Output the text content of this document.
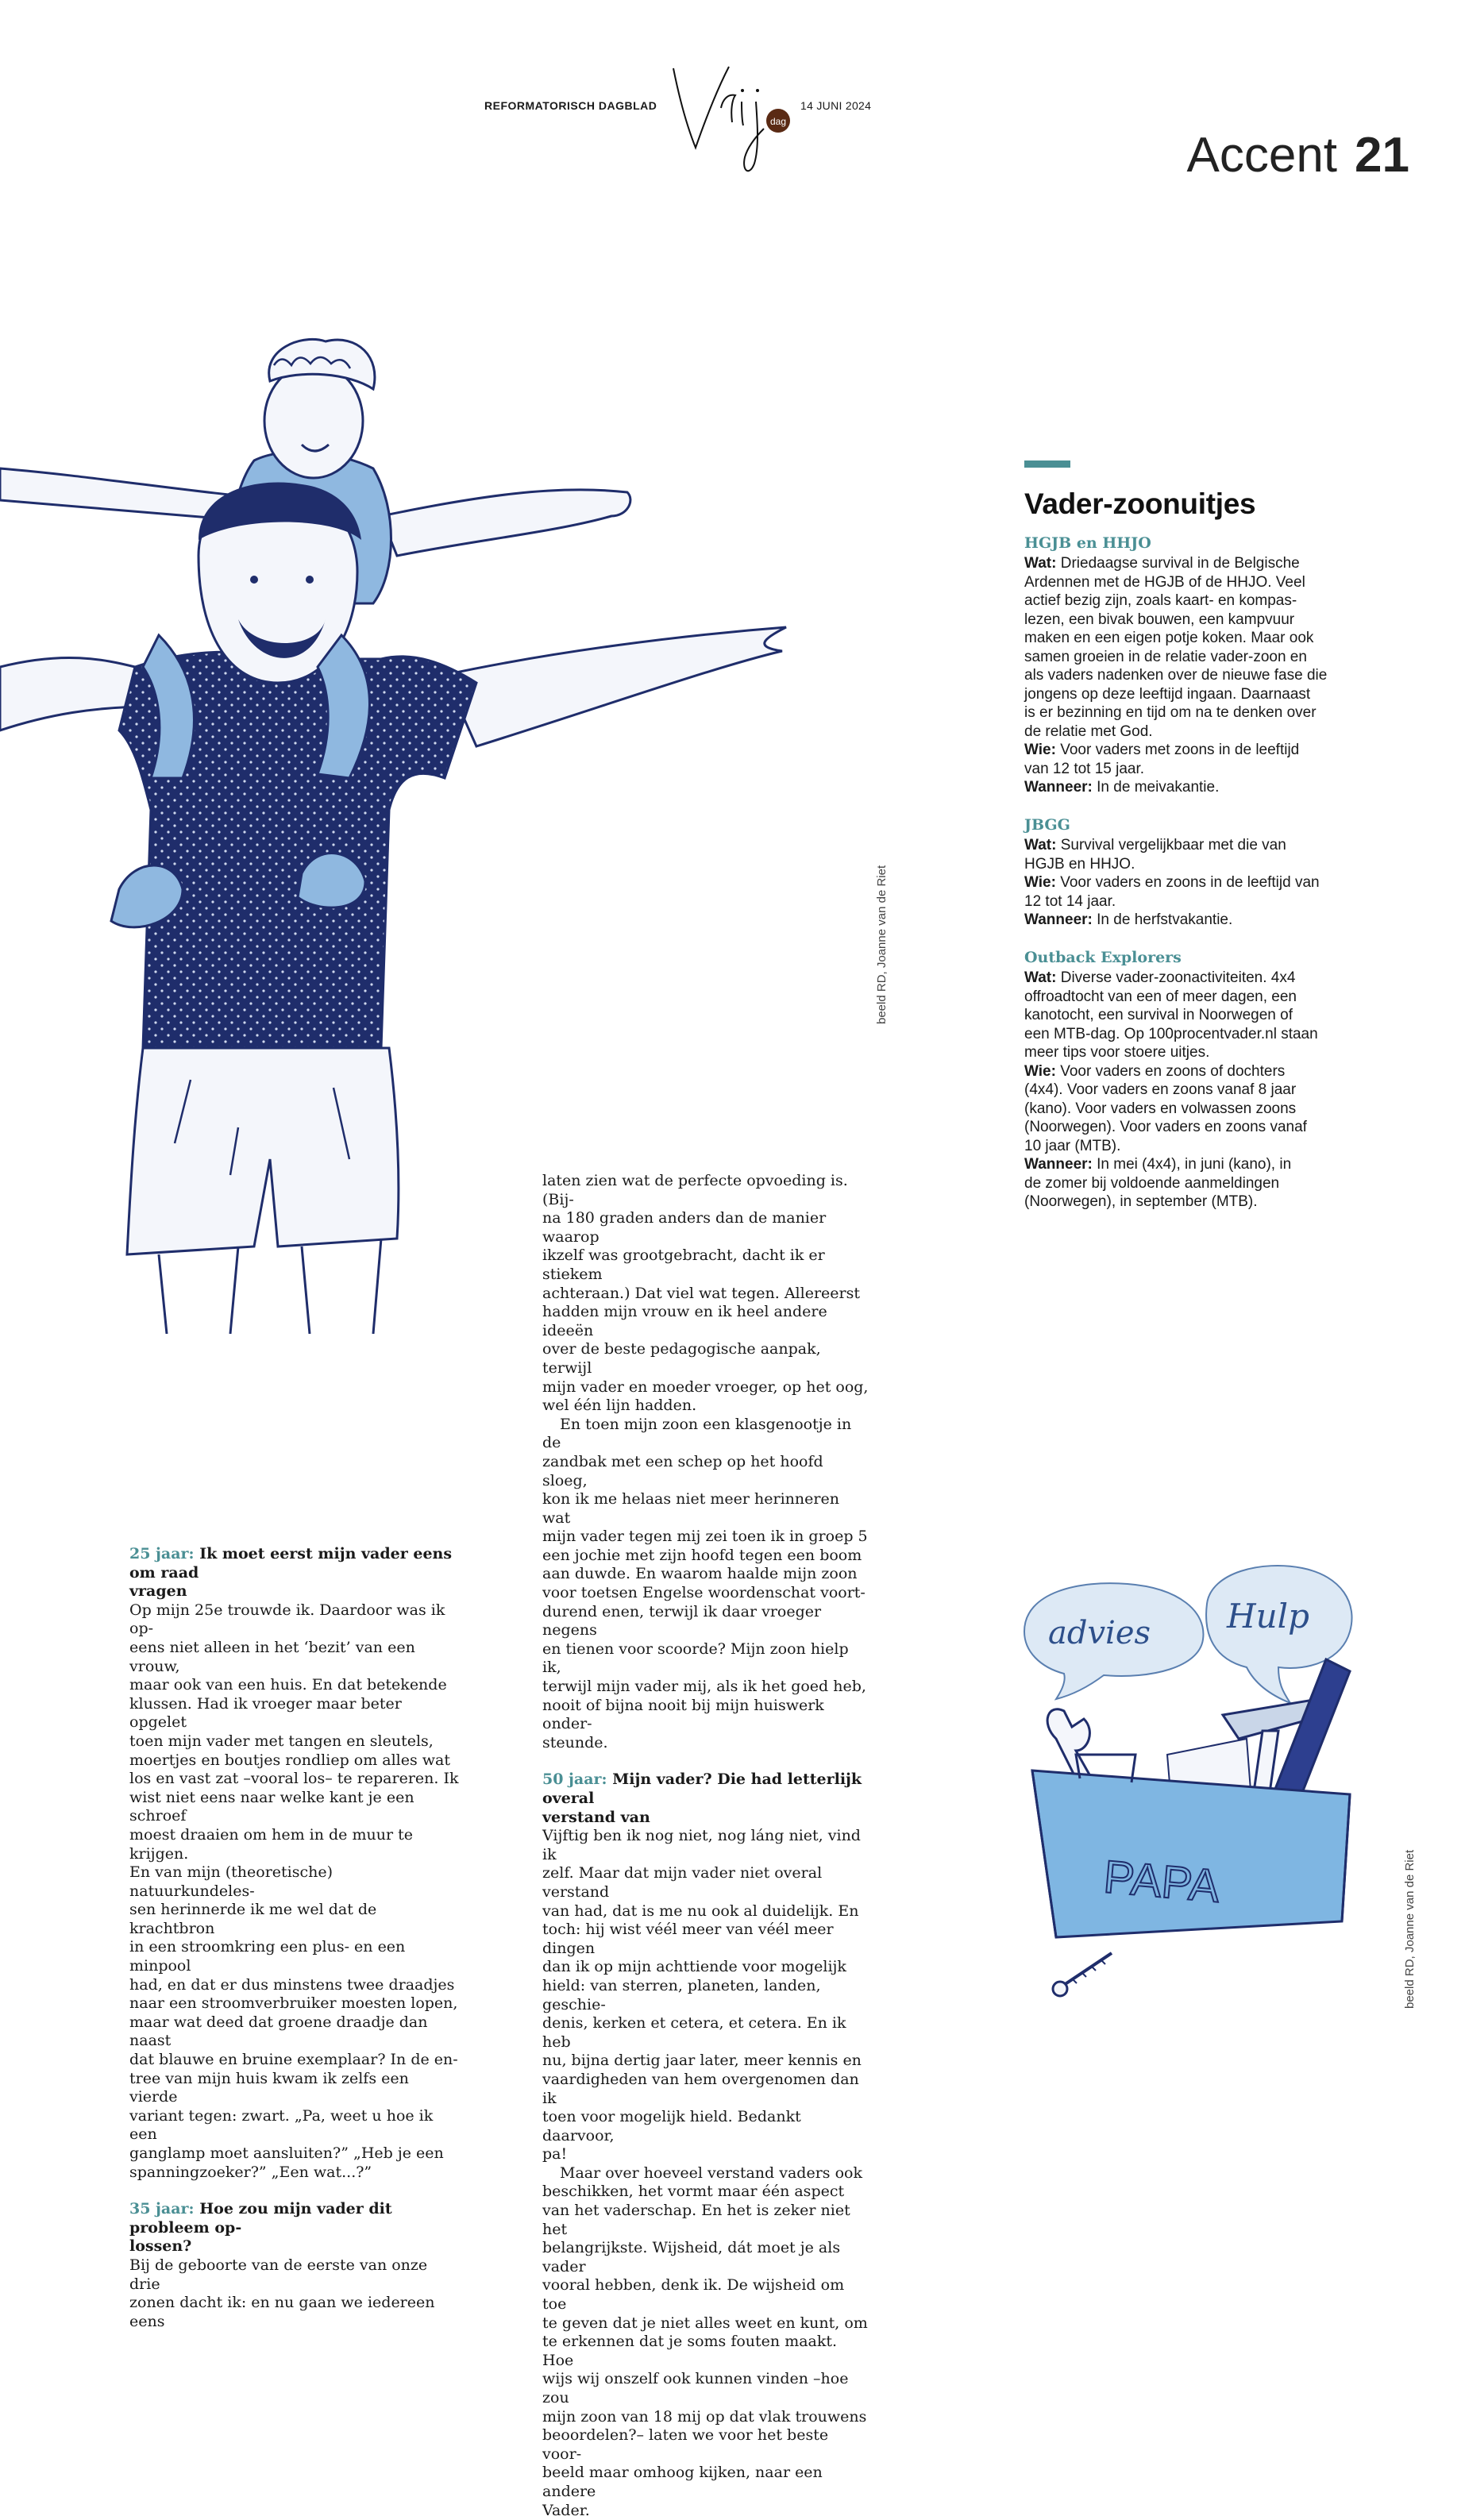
REFORMATORISCH DAGBLAD
dag
14 JUNI 2024
Accent 21
beeld RD, Joanne van de Riet
Vader-zoonuitjes
HGJB en HHJO
Wat: Driedaagse survival in de Belgische
Ardennen met de HGJB of de HHJO. Veel
actief bezig zijn, zoals kaart- en kompas-
lezen, een bivak bouwen, een kampvuur
maken en een eigen potje koken. Maar ook
samen groeien in de relatie vader-zoon en
als vaders nadenken over de nieuwe fase die
jongens op deze leeftijd ingaan. Daarnaast
is er bezinning en tijd om na te denken over
de relatie met God.
Wie: Voor vaders met zoons in de leeftijd
van 12 tot 15 jaar.
Wanneer: In de meivakantie.
JBGG
Wat: Survival vergelijkbaar met die van
HGJB en HHJO.
Wie: Voor vaders en zoons in de leeftijd van
12 tot 14 jaar.
Wanneer: In de herfstvakantie.
Outback Explorers
Wat: Diverse vader-zoonactiviteiten. 4x4
offroadtocht van een of meer dagen, een
kanotocht, een survival in Noorwegen of
een MTB-dag. Op 100procentvader.nl staan
meer tips voor stoere uitjes.
Wie: Voor vaders en zoons of dochters
(4x4). Voor vaders en zoons vanaf 8 jaar
(kano). Voor vaders en volwassen zoons
(Noorwegen). Voor vaders en zoons vanaf
10 jaar (MTB).
Wanneer: In mei (4x4), in juni (kano), in
de zomer bij voldoende aanmeldingen
(Noorwegen), in september (MTB).

25 jaar: Ik moet eerst mijn vader eens om raad

vragen

Op mijn 25e trouwde ik. Daardoor was ik op-

eens niet alleen in het ‘bezit’ van een vrouw,

maar ook van een huis. En dat betekende

klussen. Had ik vroeger maar beter opgelet

toen mijn vader met tangen en sleutels,

moertjes en boutjes rondliep om alles wat

los en vast zat –vooral los– te repareren. Ik

wist niet eens naar welke kant je een schroef

moest draaien om hem in de muur te krijgen.

En van mijn (theoretische) natuurkundeles-

sen herinnerde ik me wel dat de krachtbron

in een stroomkring een plus- en een minpool

had, en dat er dus minstens twee draadjes

naar een stroomverbruiker moesten lopen,

maar wat deed dat groene draadje dan naast

dat blauwe en bruine exemplaar? In de en-

tree van mijn huis kwam ik zelfs een vierde

variant tegen: zwart. „Pa, weet u hoe ik een

ganglamp moet aansluiten?” „Heb je een

spanningzoeker?” „Een wat...?”

35 jaar: Hoe zou mijn vader dit probleem op-

lossen?

Bij de geboorte van de eerste van onze drie

zonen dacht ik: en nu gaan we iedereen eens

laten zien wat de perfecte opvoeding is. (Bij-

na 180 graden anders dan de manier waarop

ikzelf was grootgebracht, dacht ik er stiekem

achteraan.) Dat viel wat tegen. Allereerst

hadden mijn vrouw en ik heel andere ideeën

over de beste pedagogische aanpak, terwijl

mijn vader en moeder vroeger, op het oog,

wel één lijn hadden.

En toen mijn zoon een klasgenootje in de

zandbak met een schep op het hoofd sloeg,

kon ik me helaas niet meer herinneren wat

mijn vader tegen mij zei toen ik in groep 5

een jochie met zijn hoofd tegen een boom

aan duwde. En waarom haalde mijn zoon

voor toetsen Engelse woordenschat voort-

durend enen, terwijl ik daar vroeger negens

en tienen voor scoorde? Mijn zoon hielp ik,

terwijl mijn vader mij, als ik het goed heb,

nooit of bijna nooit bij mijn huiswerk onder-

steunde.

50 jaar: Mijn vader? Die had letterlijk overal

verstand van

Vijftig ben ik nog niet, nog láng niet, vind ik

zelf. Maar dat mijn vader niet overal verstand

van had, dat is me nu ook al duidelijk. En

toch: hij wist véél meer van véél meer dingen

dan ik op mijn achttiende voor mogelijk

hield: van sterren, planeten, landen, geschie-

denis, kerken et cetera, et cetera. En ik heb

nu, bijna dertig jaar later, meer kennis en

vaardigheden van hem overgenomen dan ik

toen voor mogelijk hield. Bedankt daarvoor,

pa!

Maar over hoeveel verstand vaders ook

beschikken, het vormt maar één aspect

van het vaderschap. En het is zeker niet het

belangrijkste. Wijsheid, dát moet je als vader

vooral hebben, denk ik. De wijsheid om toe

te geven dat je niet alles weet en kunt, om

te erkennen dat je soms fouten maakt. Hoe

wijs wij onszelf ook kunnen vinden –hoe zou

mijn zoon van 18 mij op dat vlak trouwens

beoordelen?– laten we voor het beste voor-

beeld maar omhoog kijken, naar een andere

Vader.

advies Hulp
PAPA	beeld RD, Joanne van de Riet
